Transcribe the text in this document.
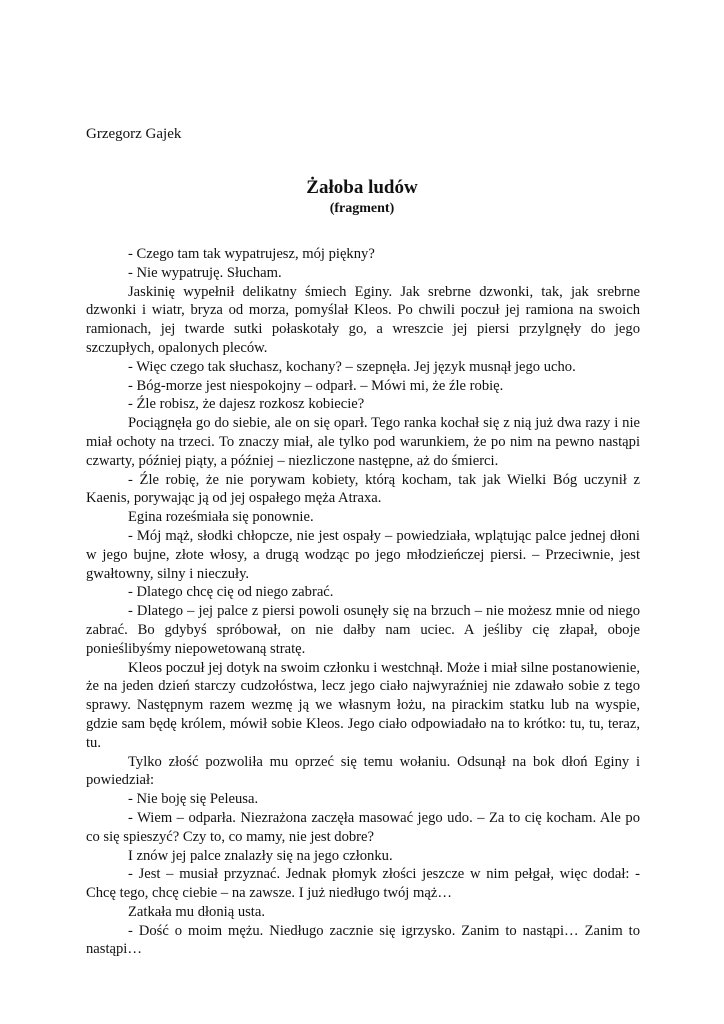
Grzegorz Gajek
Żałoba ludów
(fragment)

- Czego tam tak wypatrujesz, mój piękny?

- Nie wypatruję. Słucham.

Jaskinię wypełnił delikatny śmiech Eginy. Jak srebrne dzwonki, tak, jak srebrne dzwonki i wiatr, bryza od morza, pomyślał Kleos. Po chwili poczuł jej ramiona na swoich ramionach, jej twarde sutki połaskotały go, a wreszcie jej piersi przylgnęły do jego szczupłych, opalonych pleców.

- Więc czego tak słuchasz, kochany? – szepnęła. Jej język musnął jego ucho.

- Bóg-morze jest niespokojny – odparł. – Mówi mi, że źle robię.

- Źle robisz, że dajesz rozkosz kobiecie?

Pociągnęła go do siebie, ale on się oparł. Tego ranka kochał się z nią już dwa razy i nie miał ochoty na trzeci. To znaczy miał, ale tylko pod warunkiem, że po nim na pewno nastąpi czwarty, później piąty, a później – niezliczone następne, aż do śmierci.

- Źle robię, że nie porywam kobiety, którą kocham, tak jak Wielki Bóg uczynił z Kaenis, porywając ją od jej ospałego męża Atraxa.

Egina roześmiała się ponownie.

- Mój mąż, słodki chłopcze, nie jest ospały – powiedziała, wplątując palce jednej dłoni w jego bujne, złote włosy, a drugą wodząc po jego młodzieńczej piersi. – Przeciwnie, jest gwałtowny, silny i nieczuły.

- Dlatego chcę cię od niego zabrać.

- Dlatego – jej palce z piersi powoli osunęły się na brzuch – nie możesz mnie od niego zabrać. Bo gdybyś spróbował, on nie dałby nam uciec. A jeśliby cię złapał, oboje ponieślibyśmy niepowetowaną stratę.

Kleos poczuł jej dotyk na swoim członku i westchnął. Może i miał silne postanowienie, że na jeden dzień starczy cudzołóstwa, lecz jego ciało najwyraźniej nie zdawało sobie z tego sprawy. Następnym razem wezmę ją we własnym łożu, na pirackim statku lub na wyspie, gdzie sam będę królem, mówił sobie Kleos. Jego ciało odpowiadało na to krótko: tu, tu, teraz, tu.

Tylko złość pozwoliła mu oprzeć się temu wołaniu. Odsunął na bok dłoń Eginy i powiedział:

- Nie boję się Peleusa.

- Wiem – odparła. Niezrażona zaczęła masować jego udo. – Za to cię kocham. Ale po co się spieszyć? Czy to, co mamy, nie jest dobre?

I znów jej palce znalazły się na jego członku.

- Jest – musiał przyznać. Jednak płomyk złości jeszcze w nim pełgał, więc dodał: - Chcę tego, chcę ciebie – na zawsze. I już niedługo twój mąż…

Zatkała mu dłonią usta.

- Dość o moim mężu. Niedługo zacznie się igrzysko. Zanim to nastąpi… Zanim to nastąpi…
